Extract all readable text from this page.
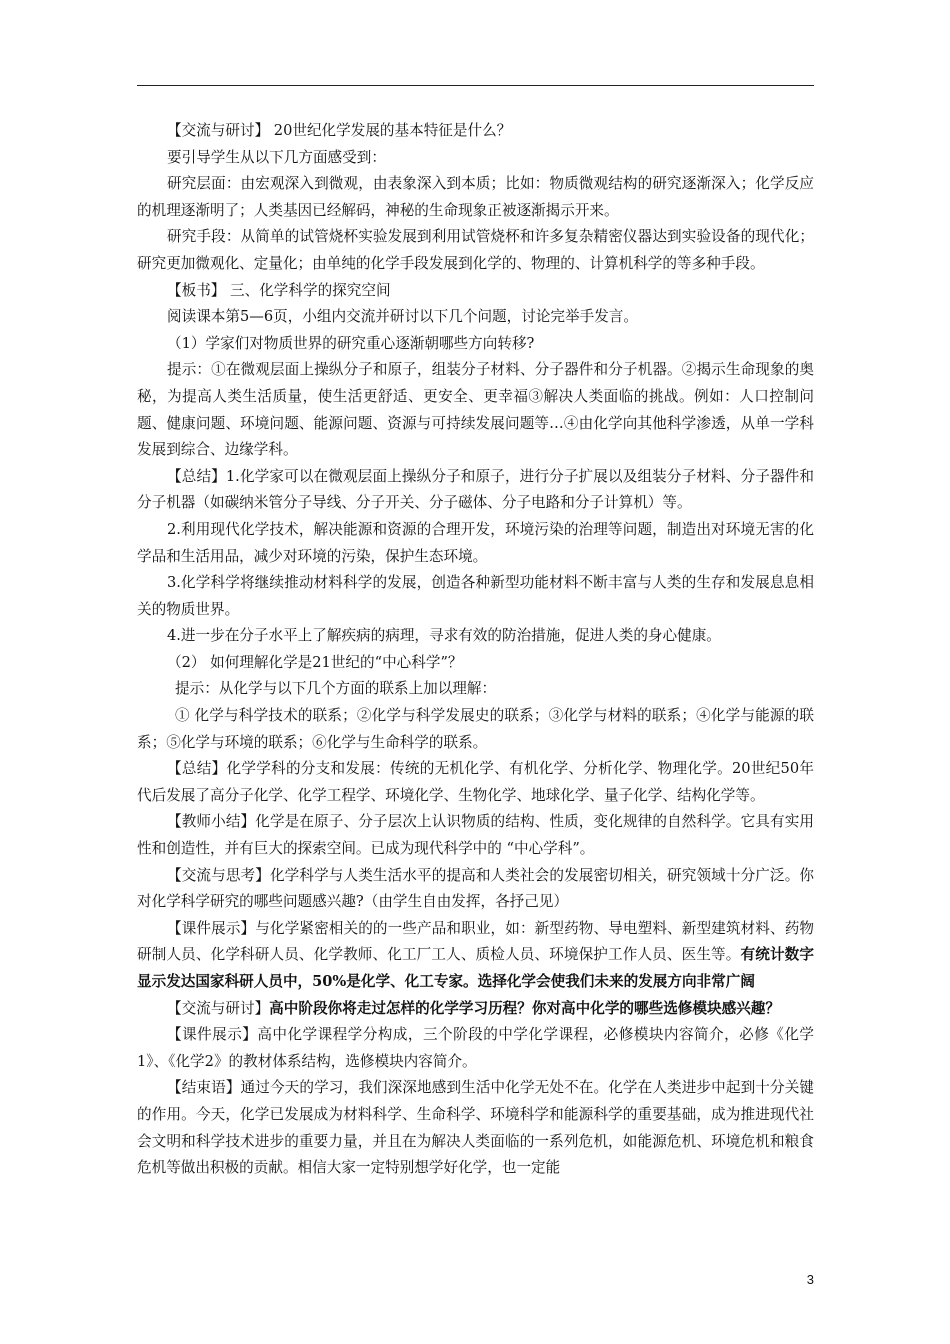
【交流与研讨】 20世纪化学发展的基本特征是什么？

要引导学生从以下几方面感受到：

研究层面：由宏观深入到微观，由表象深入到本质；比如：物质微观结构的研究逐渐深入；化学反应的机理逐渐明了；人类基因已经解码，神秘的生命现象正被逐渐揭示开来。

研究手段：从简单的试管烧杯实验发展到利用试管烧杯和许多复杂精密仪器达到实验设备的现代化；研究更加微观化、定量化；由单纯的化学手段发展到化学的、物理的、计算机科学的等多种手段。

【板书】 三、化学科学的探究空间

阅读课本第5—6页，小组内交流并研讨以下几个问题，讨论完举手发言。

（1）学家们对物质世界的研究重心逐渐朝哪些方向转移?

提示：①在微观层面上操纵分子和原子，组装分子材料、分子器件和分子机器。②揭示生命现象的奥秘，为提高人类生活质量，使生活更舒适、更安全、更幸福③解决人类面临的挑战。例如：人口控制问题、健康问题、环境问题、能源问题、资源与可持续发展问题等…④由化学向其他科学渗透，从单一学科发展到综合、边缘学科。

【总结】1.化学家可以在微观层面上操纵分子和原子，进行分子扩展以及组装分子材料、分子器件和分子机器（如碳纳米管分子导线、分子开关、分子磁体、分子电路和分子计算机）等。

2.利用现代化学技术，解决能源和资源的合理开发，环境污染的治理等问题，制造出对环境无害的化学品和生活用品，减少对环境的污染，保护生态环境。

3.化学科学将继续推动材料科学的发展，创造各种新型功能材料不断丰富与人类的生存和发展息息相关的物质世界。

4.进一步在分子水平上了解疾病的病理，寻求有效的防治措施，促进人类的身心健康。

（2） 如何理解化学是21世纪的“中心科学”？

提示：从化学与以下几个方面的联系上加以理解：

① 化学与科学技术的联系；②化学与科学发展史的联系；③化学与材料的联系；④化学与能源的联系；⑤化学与环境的联系；⑥化学与生命科学的联系。

【总结】化学学科的分支和发展：传统的无机化学、有机化学、分析化学、物理化学。20世纪50年代后发展了高分子化学、化学工程学、环境化学、生物化学、地球化学、量子化学、结构化学等。

【教师小结】化学是在原子、分子层次上认识物质的结构、性质，变化规律的自然科学。它具有实用性和创造性，并有巨大的探索空间。已成为现代科学中的 “中心学科”。

【交流与思考】化学科学与人类生活水平的提高和人类社会的发展密切相关，研究领域十分广泛。你对化学科学研究的哪些问题感兴趣?（由学生自由发挥，各抒己见）

【课件展示】与化学紧密相关的的一些产品和职业，如：新型药物、导电塑料、新型建筑材料、药物研制人员、化学科研人员、化学教师、化工厂工人、质检人员、环境保护工作人员、医生等。有统计数字显示发达国家科研人员中，50%是化学、化工专家。选择化学会使我们未来的发展方向非常广阔

【交流与研讨】高中阶段你将走过怎样的化学学习历程？你对高中化学的哪些选修模块感兴趣？

【课件展示】高中化学课程学分构成，三个阶段的中学化学课程，必修模块内容简介，必修《化学1》、《化学2》的教材体系结构，选修模块内容简介。

【结束语】通过今天的学习，我们深深地感到生活中化学无处不在。化学在人类进步中起到十分关键的作用。今天，化学已发展成为材料科学、生命科学、环境科学和能源科学的重要基础，成为推进现代社会文明和科学技术进步的重要力量，并且在为解决人类面临的一系列危机，如能源危机、环境危机和粮食危机等做出积极的贡献。相信大家一定特别想学好化学，也一定能

3
